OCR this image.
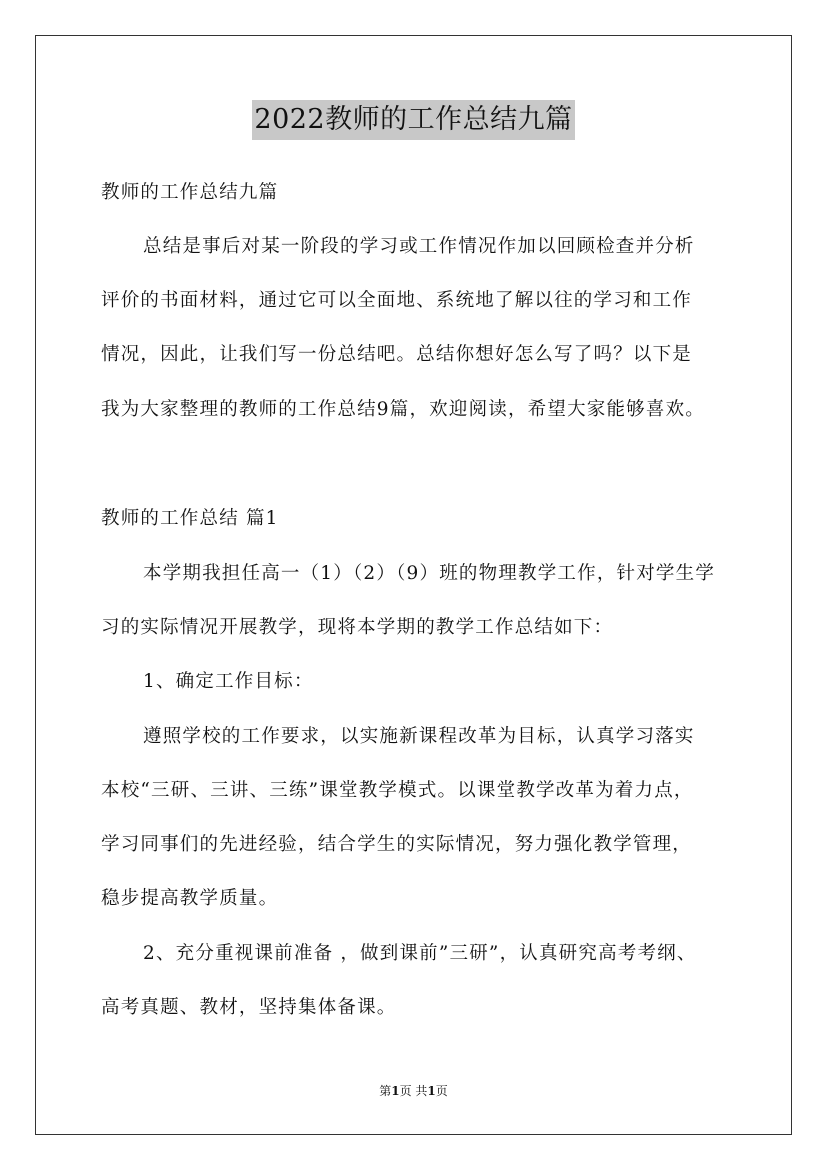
2022教师的工作总结九篇
教师的工作总结九篇
总结是事后对某一阶段的学习或工作情况作加以回顾检查并分析
评价的书面材料，通过它可以全面地、系统地了解以往的学习和工作
情况，因此，让我们写一份总结吧。总结你想好怎么写了吗？以下是
我为大家整理的教师的工作总结9篇，欢迎阅读，希望大家能够喜欢。
教师的工作总结 篇1
本学期我担任高一（1）（2）（9）班的物理教学工作，针对学生学
习的实际情况开展教学，现将本学期的教学工作总结如下：
1、确定工作目标：
遵照学校的工作要求，以实施新课程改革为目标，认真学习落实
本校“三研、三讲、三练”课堂教学模式。以课堂教学改革为着力点，
学习同事们的先进经验，结合学生的实际情况，努力强化教学管理，
稳步提高教学质量。
2、充分重视课前准备 ，做到课前”三研”，认真研究高考考纲、
高考真题、教材，坚持集体备课。
第1页 共1页
